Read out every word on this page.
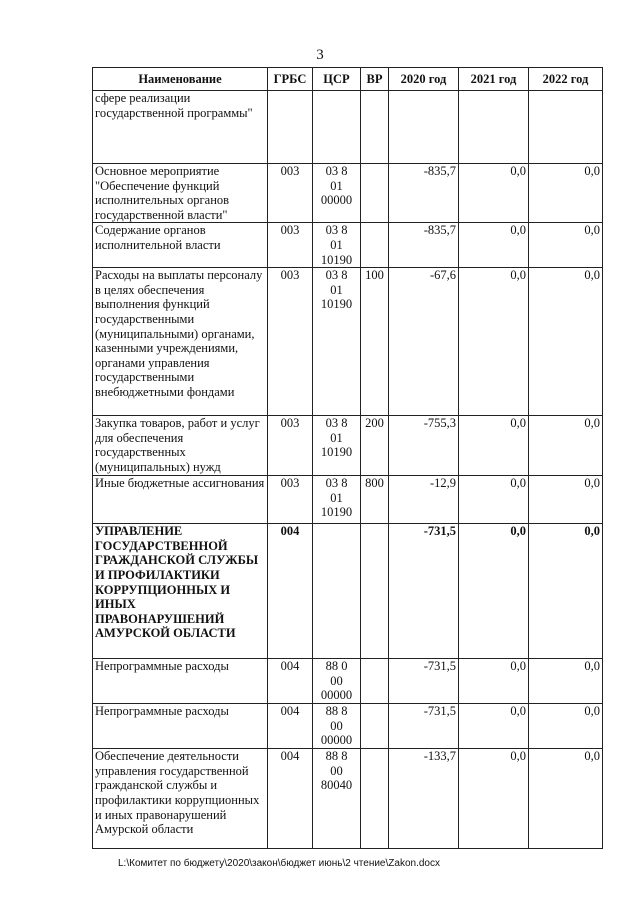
3
Наименование	ГРБС	ЦСР	ВР	2020 год	2021 год	2022 год
сфере реализации государственной программы"						
Основное мероприятие "Обеспечение функций исполнительных органов государственной власти"	003	03 8
01
00000		-835,7	0,0	0,0
Содержание органов исполнительной власти	003	03 8
01
10190		-835,7	0,0	0,0
Расходы на выплаты персоналу в целях обеспечения выполнения функций государственными (муниципальными) органами, казенными учреждениями, органами управления государственными внебюджетными фондами	003	03 8
01
10190	100	-67,6	0,0	0,0
Закупка товаров, работ и услуг для обеспечения государственных (муниципальных) нужд	003	03 8
01
10190	200	-755,3	0,0	0,0
Иные бюджетные ассигнования	003	03 8
01
10190	800	-12,9	0,0	0,0
УПРАВЛЕНИЕ ГОСУДАРСТВЕННОЙ ГРАЖДАНСКОЙ СЛУЖБЫ И ПРОФИЛАКТИКИ КОРРУПЦИОННЫХ И ИНЫХ ПРАВОНАРУШЕНИЙ АМУРСКОЙ ОБЛАСТИ	004			-731,5	0,0	0,0
Непрограммные расходы	004	88 0
00
00000		-731,5	0,0	0,0
Непрограммные расходы	004	88 8
00
00000		-731,5	0,0	0,0
Обеспечение деятельности управления государственной гражданской службы и профилактики коррупционных и иных правонарушений Амурской области	004	88 8
00
80040		-133,7	0,0	0,0
L:\Комитет по бюджету\2020\закон\бюджет июнь\2 чтение\Zakon.docx
